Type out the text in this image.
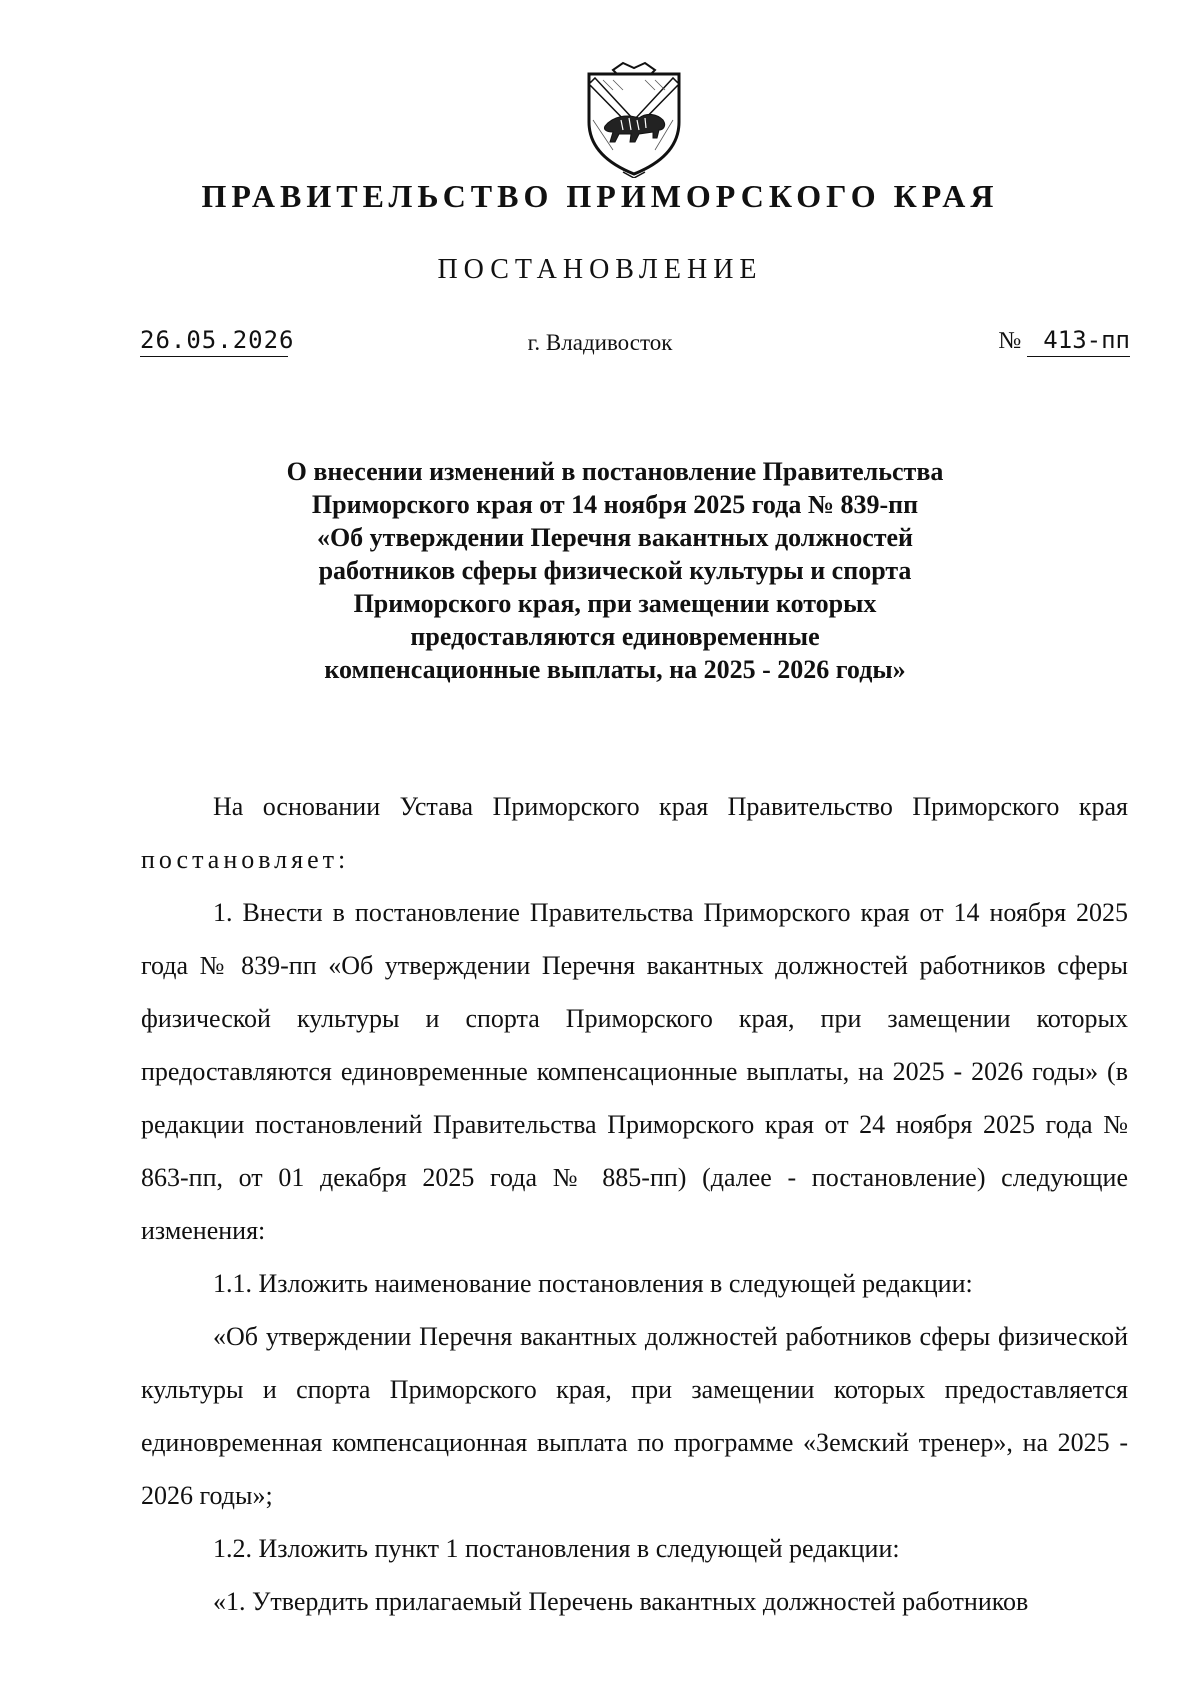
ПРАВИТЕЛЬСТВО ПРИМОРСКОГО КРАЯ
ПОСТАНОВЛЕНИЕ
26.05.2026	г. Владивосток	№ 413-пп
О внесении изменений в постановление Правительства
Приморского края от 14 ноября 2025 года № 839-пп
«Об утверждении Перечня вакантных должностей
работников сферы физической культуры и спорта
Приморского края, при замещении которых
предоставляются единовременные
компенсационные выплаты, на 2025 - 2026 годы»

На основании Устава Приморского края Правительство Приморского края постановляет:

1. Внести в постановление Правительства Приморского края от 14 ноября 2025 года № 839-пп «Об утверждении Перечня вакантных должностей работников сферы физической культуры и спорта Приморского края, при замещении которых предоставляются единовременные компенсационные выплаты, на 2025 - 2026 годы» (в редакции постановлений Правительства Приморского края от 24 ноября 2025 года № 863-пп, от 01 декабря 2025 года № 885-пп) (далее - постановление) следующие изменения:

1.1. Изложить наименование постановления в следующей редакции:

«Об утверждении Перечня вакантных должностей работников сферы физической культуры и спорта Приморского края, при замещении которых предоставляется единовременная компенсационная выплата по программе «Земский тренер», на 2025 - 2026 годы»;

1.2. Изложить пункт 1 постановления в следующей редакции:

«1. Утвердить прилагаемый Перечень вакантных должностей работников
